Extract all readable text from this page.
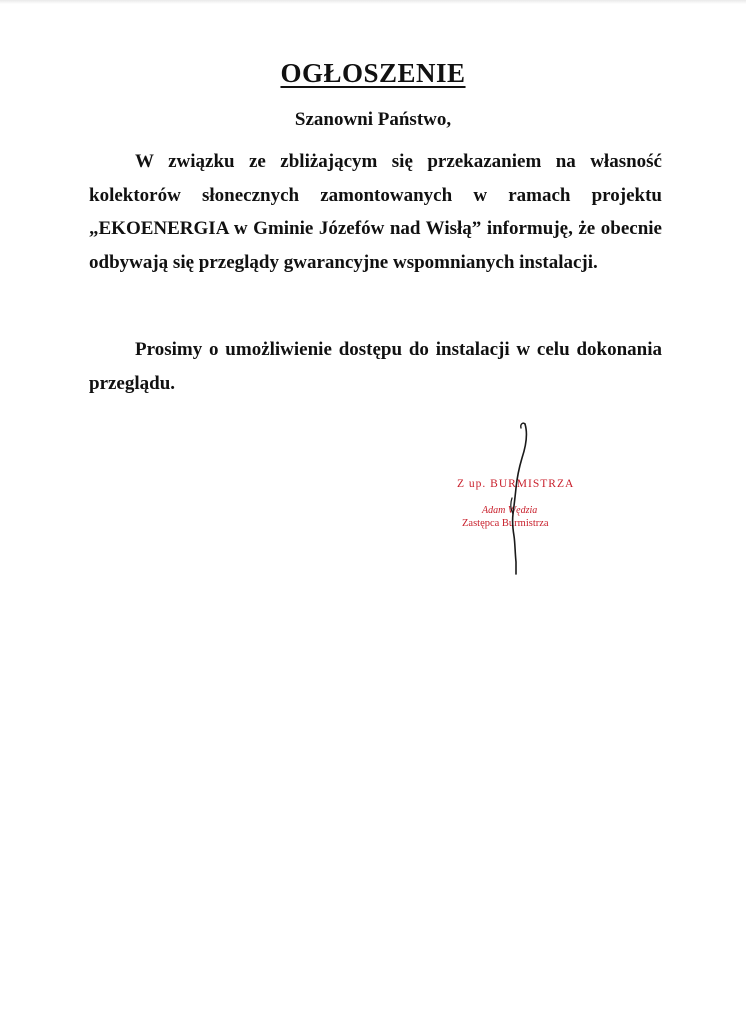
OGŁOSZENIE
Szanowni Państwo,

W związku ze zbliżającym się przekazaniem na własność kolektorów słonecznych zamontowanych w ramach projektu „EKOENERGIA w Gminie Józefów nad Wisłą” informuję, że obecnie odbywają się przeglądy gwarancyjne wspomnianych instalacji.

Prosimy o umożliwienie dostępu do instalacji w celu dokonania przeglądu.

Z up. BURMISTRZA
Adam Wędzia
Zastępca Burmistrza
